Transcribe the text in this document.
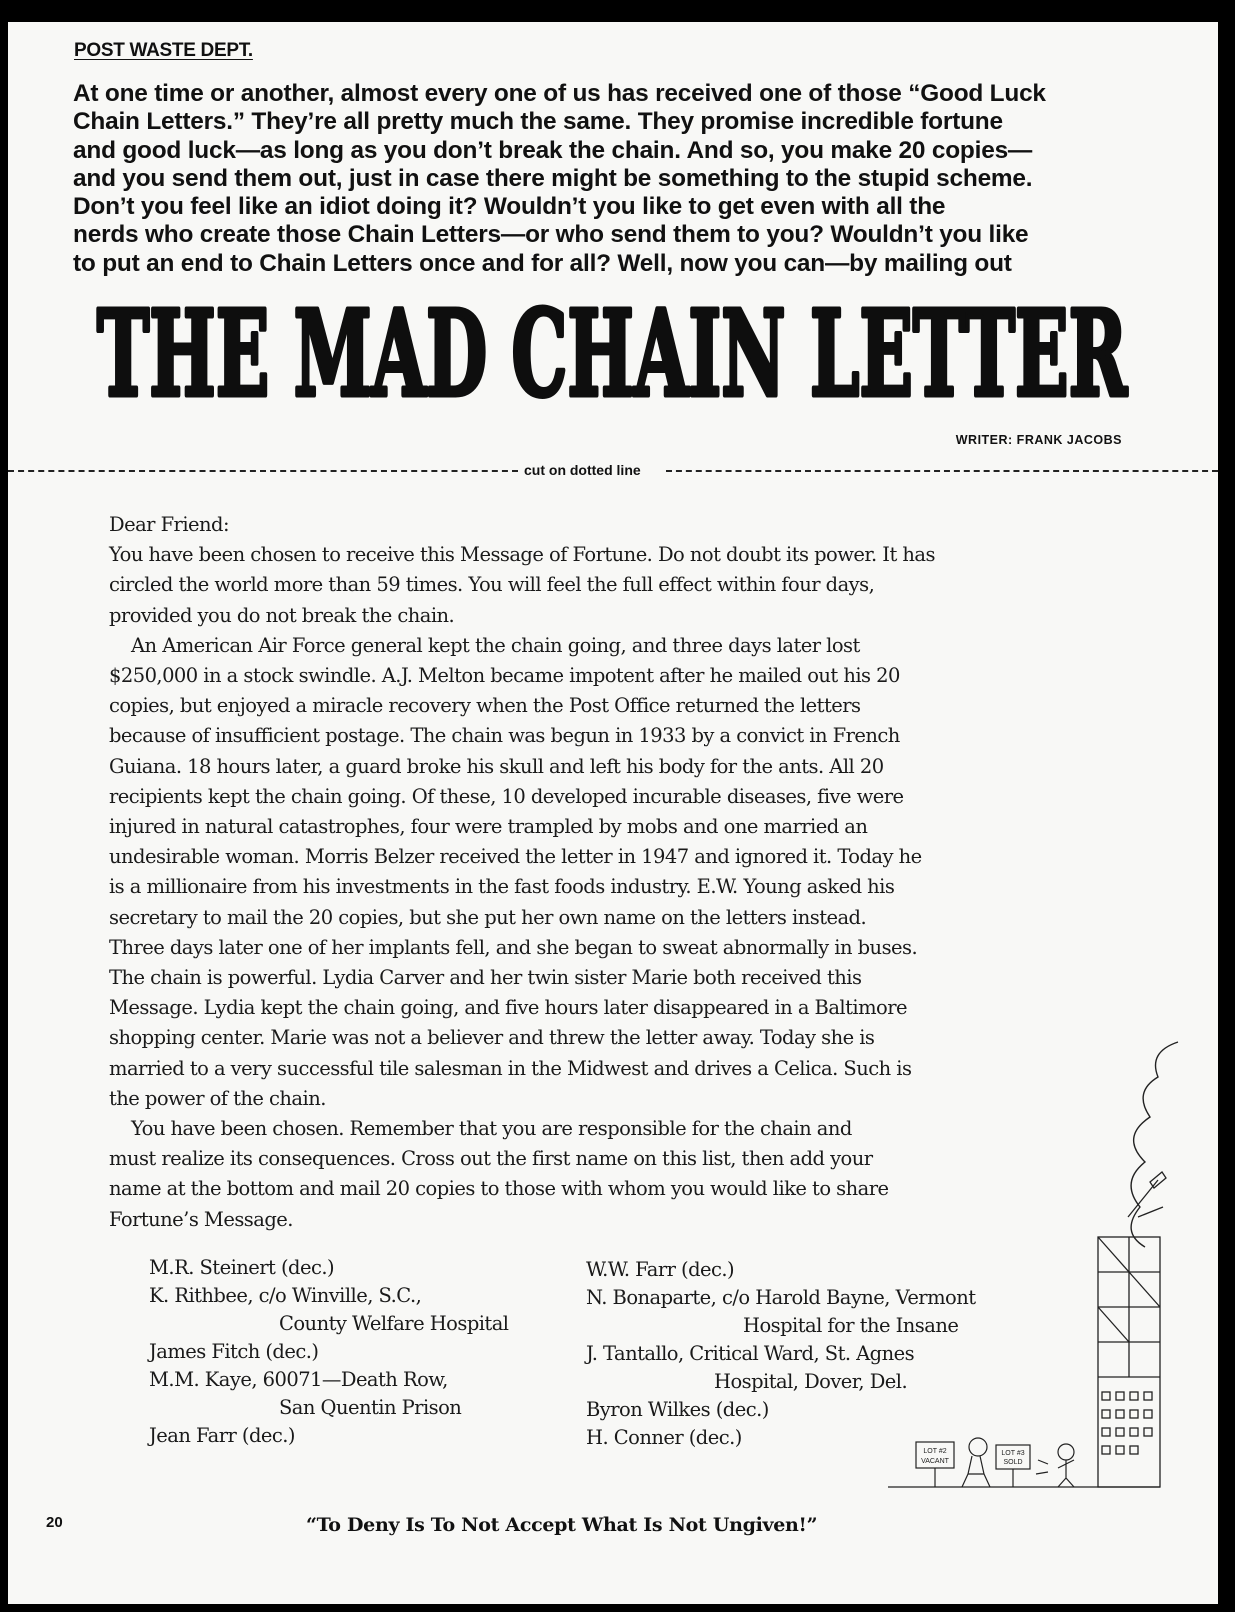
POST WASTE DEPT.
At one time or another, almost every one of us has received one of those “Good Luck
Chain Letters.” They’re all pretty much the same. They promise incredible fortune
and good luck—as long as you don’t break the chain. And so, you make 20 copies—
and you send them out, just in case there might be something to the stupid scheme.
Don’t you feel like an idiot doing it? Wouldn’t you like to get even with all the
nerds who create those Chain Letters—or who send them to you? Wouldn’t you like
to put an end to Chain Letters once and for all? Well, now you can—by mailing out
THE MAD CHAIN LETTER
WRITER: FRANK JACOBS
cut on dotted line

Dear Friend:

You have been chosen to receive this Message of Fortune. Do not doubt its power. It has
circled the world more than 59 times. You will feel the full effect within four days,
provided you do not break the chain.
An American Air Force general kept the chain going, and three days later lost
$250,000 in a stock swindle. A.J. Melton became impotent after he mailed out his 20
copies, but enjoyed a miracle recovery when the Post Office returned the letters
because of insufficient postage. The chain was begun in 1933 by a convict in French
Guiana. 18 hours later, a guard broke his skull and left his body for the ants. All 20
recipients kept the chain going. Of these, 10 developed incurable diseases, five were
injured in natural catastrophes, four were trampled by mobs and one married an
undesirable woman. Morris Belzer received the letter in 1947 and ignored it. Today he
is a millionaire from his investments in the fast foods industry. E.W. Young asked his
secretary to mail the 20 copies, but she put her own name on the letters instead.
Three days later one of her implants fell, and she began to sweat abnormally in buses.
The chain is powerful. Lydia Carver and her twin sister Marie both received this
Message. Lydia kept the chain going, and five hours later disappeared in a Baltimore
shopping center. Marie was not a believer and threw the letter away. Today she is
married to a very successful tile salesman in the Midwest and drives a Celica. Such is
the power of the chain.
You have been chosen. Remember that you are responsible for the chain and
must realize its consequences. Cross out the first name on this list, then add your
name at the bottom and mail 20 copies to those with whom you would like to share
Fortune’s Message.
M.R. Steinert (dec.)
K. Rithbee, c/o Winville, S.C.,
County Welfare Hospital
James Fitch (dec.)
M.M. Kaye, 60071—Death Row,
San Quentin Prison
Jean Farr (dec.)
W.W. Farr (dec.)
N. Bonaparte, c/o Harold Bayne, Vermont
Hospital for the Insane
J. Tantallo, Critical Ward, St. Agnes
Hospital, Dover, Del.
Byron Wilkes (dec.)
H. Conner (dec.)
LOT #2
VACANT
LOT #3
SOLD
20	“To Deny Is To Not Accept What Is Not Ungiven!”
